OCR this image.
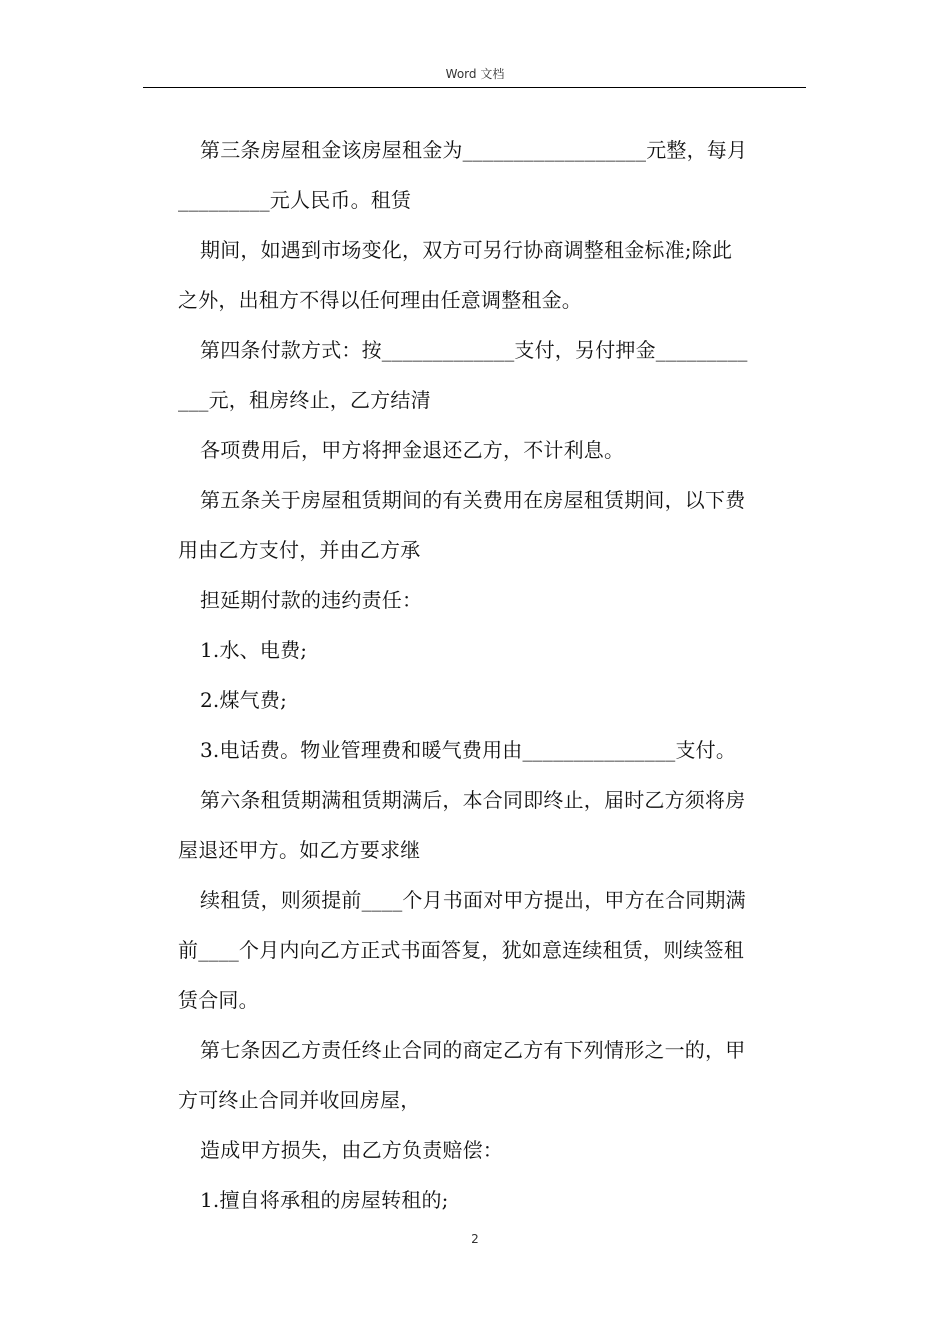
Word 文档
第三条房屋租金该房屋租金为__________________元整，每月
_________元人民币。租赁
期间，如遇到市场变化，双方可另行协商调整租金标准;除此
之外，出租方不得以任何理由任意调整租金。
第四条付款方式：按_____________支付，另付押金_________
___元，租房终止，乙方结清
各项费用后，甲方将押金退还乙方，不计利息。
第五条关于房屋租赁期间的有关费用在房屋租赁期间，以下费
用由乙方支付，并由乙方承
担延期付款的违约责任：
1.水、电费;
2.煤气费;
3.电话费。物业管理费和暖气费用由_______________支付。
第六条租赁期满租赁期满后，本合同即终止，届时乙方须将房
屋退还甲方。如乙方要求继
续租赁，则须提前____个月书面对甲方提出，甲方在合同期满
前____个月内向乙方正式书面答复，犹如意连续租赁，则续签租
赁合同。
第七条因乙方责任终止合同的商定乙方有下列情形之一的，甲
方可终止合同并收回房屋，
造成甲方损失，由乙方负责赔偿：
1.擅自将承租的房屋转租的;
2
